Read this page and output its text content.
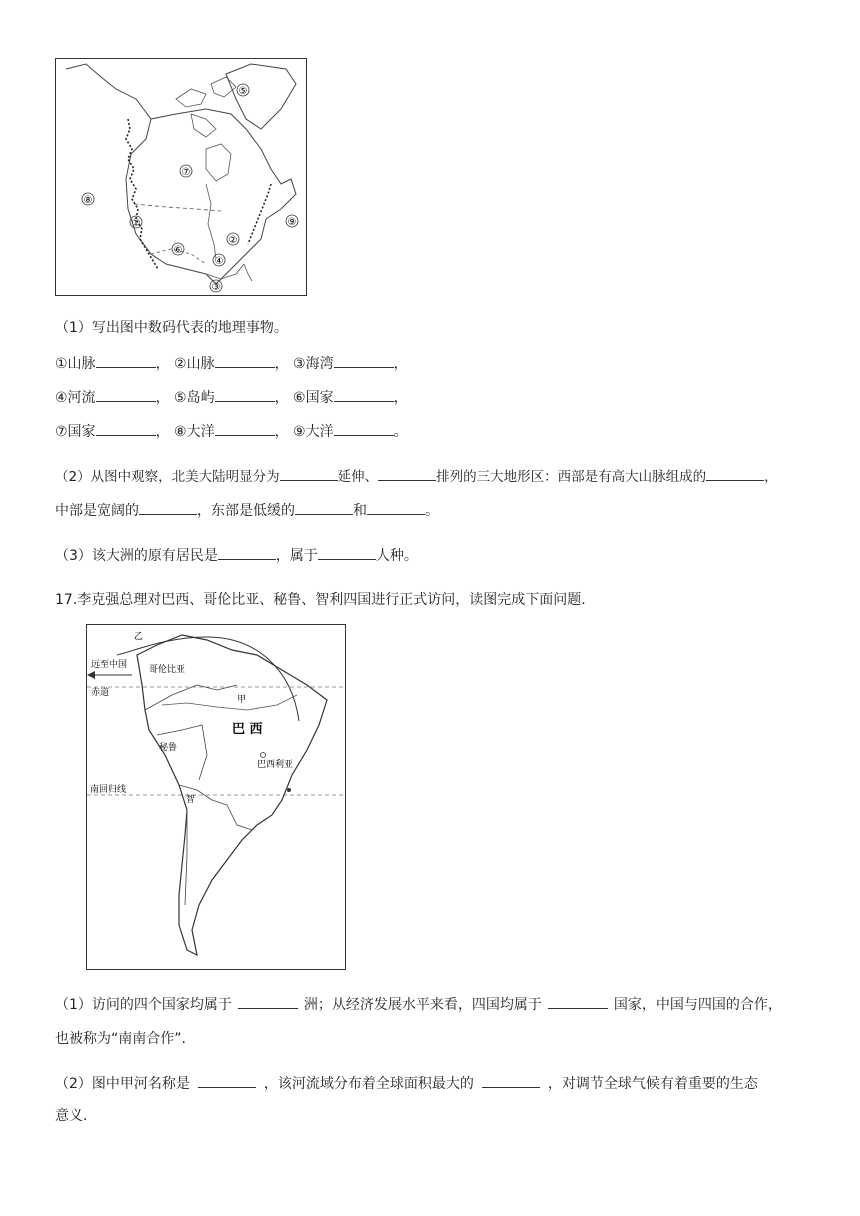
⑤
⑦
⑧
①
⑥
②
④
③
⑨
（1）写出图中数码代表的地理事物。
①山脉	， ②山脉	， ③海湾	，
④河流	， ⑤岛屿	， ⑥国家	，
⑦国家	， ⑧大洋	， ⑨大洋	。
（2）从图中观察，北美大陆明显分为	延伸、	排列的三大地形区：西部是有高大山脉组成的	，
中部是宽阔的	，东部是低缓的	和	。
（3）该大洲的原有居民是	，属于	人种。
17.李克强总理对巴西、哥伦比亚、秘鲁、智利四国进行正式访问，读图完成下面问题.
乙
远至中国 哥伦比亚
赤道
甲
巴 西
秘鲁
巴西利亚
南回归线
智
（1）访问的四个国家均属于	洲；从经济发展水平来看，四国均属于	国家，中国与四国的合作，
也被称为“南南合作”.
（2）图中甲河名称是	，该河流域分布着全球面积最大的	，对调节全球气候有着重要的生态
意义.
